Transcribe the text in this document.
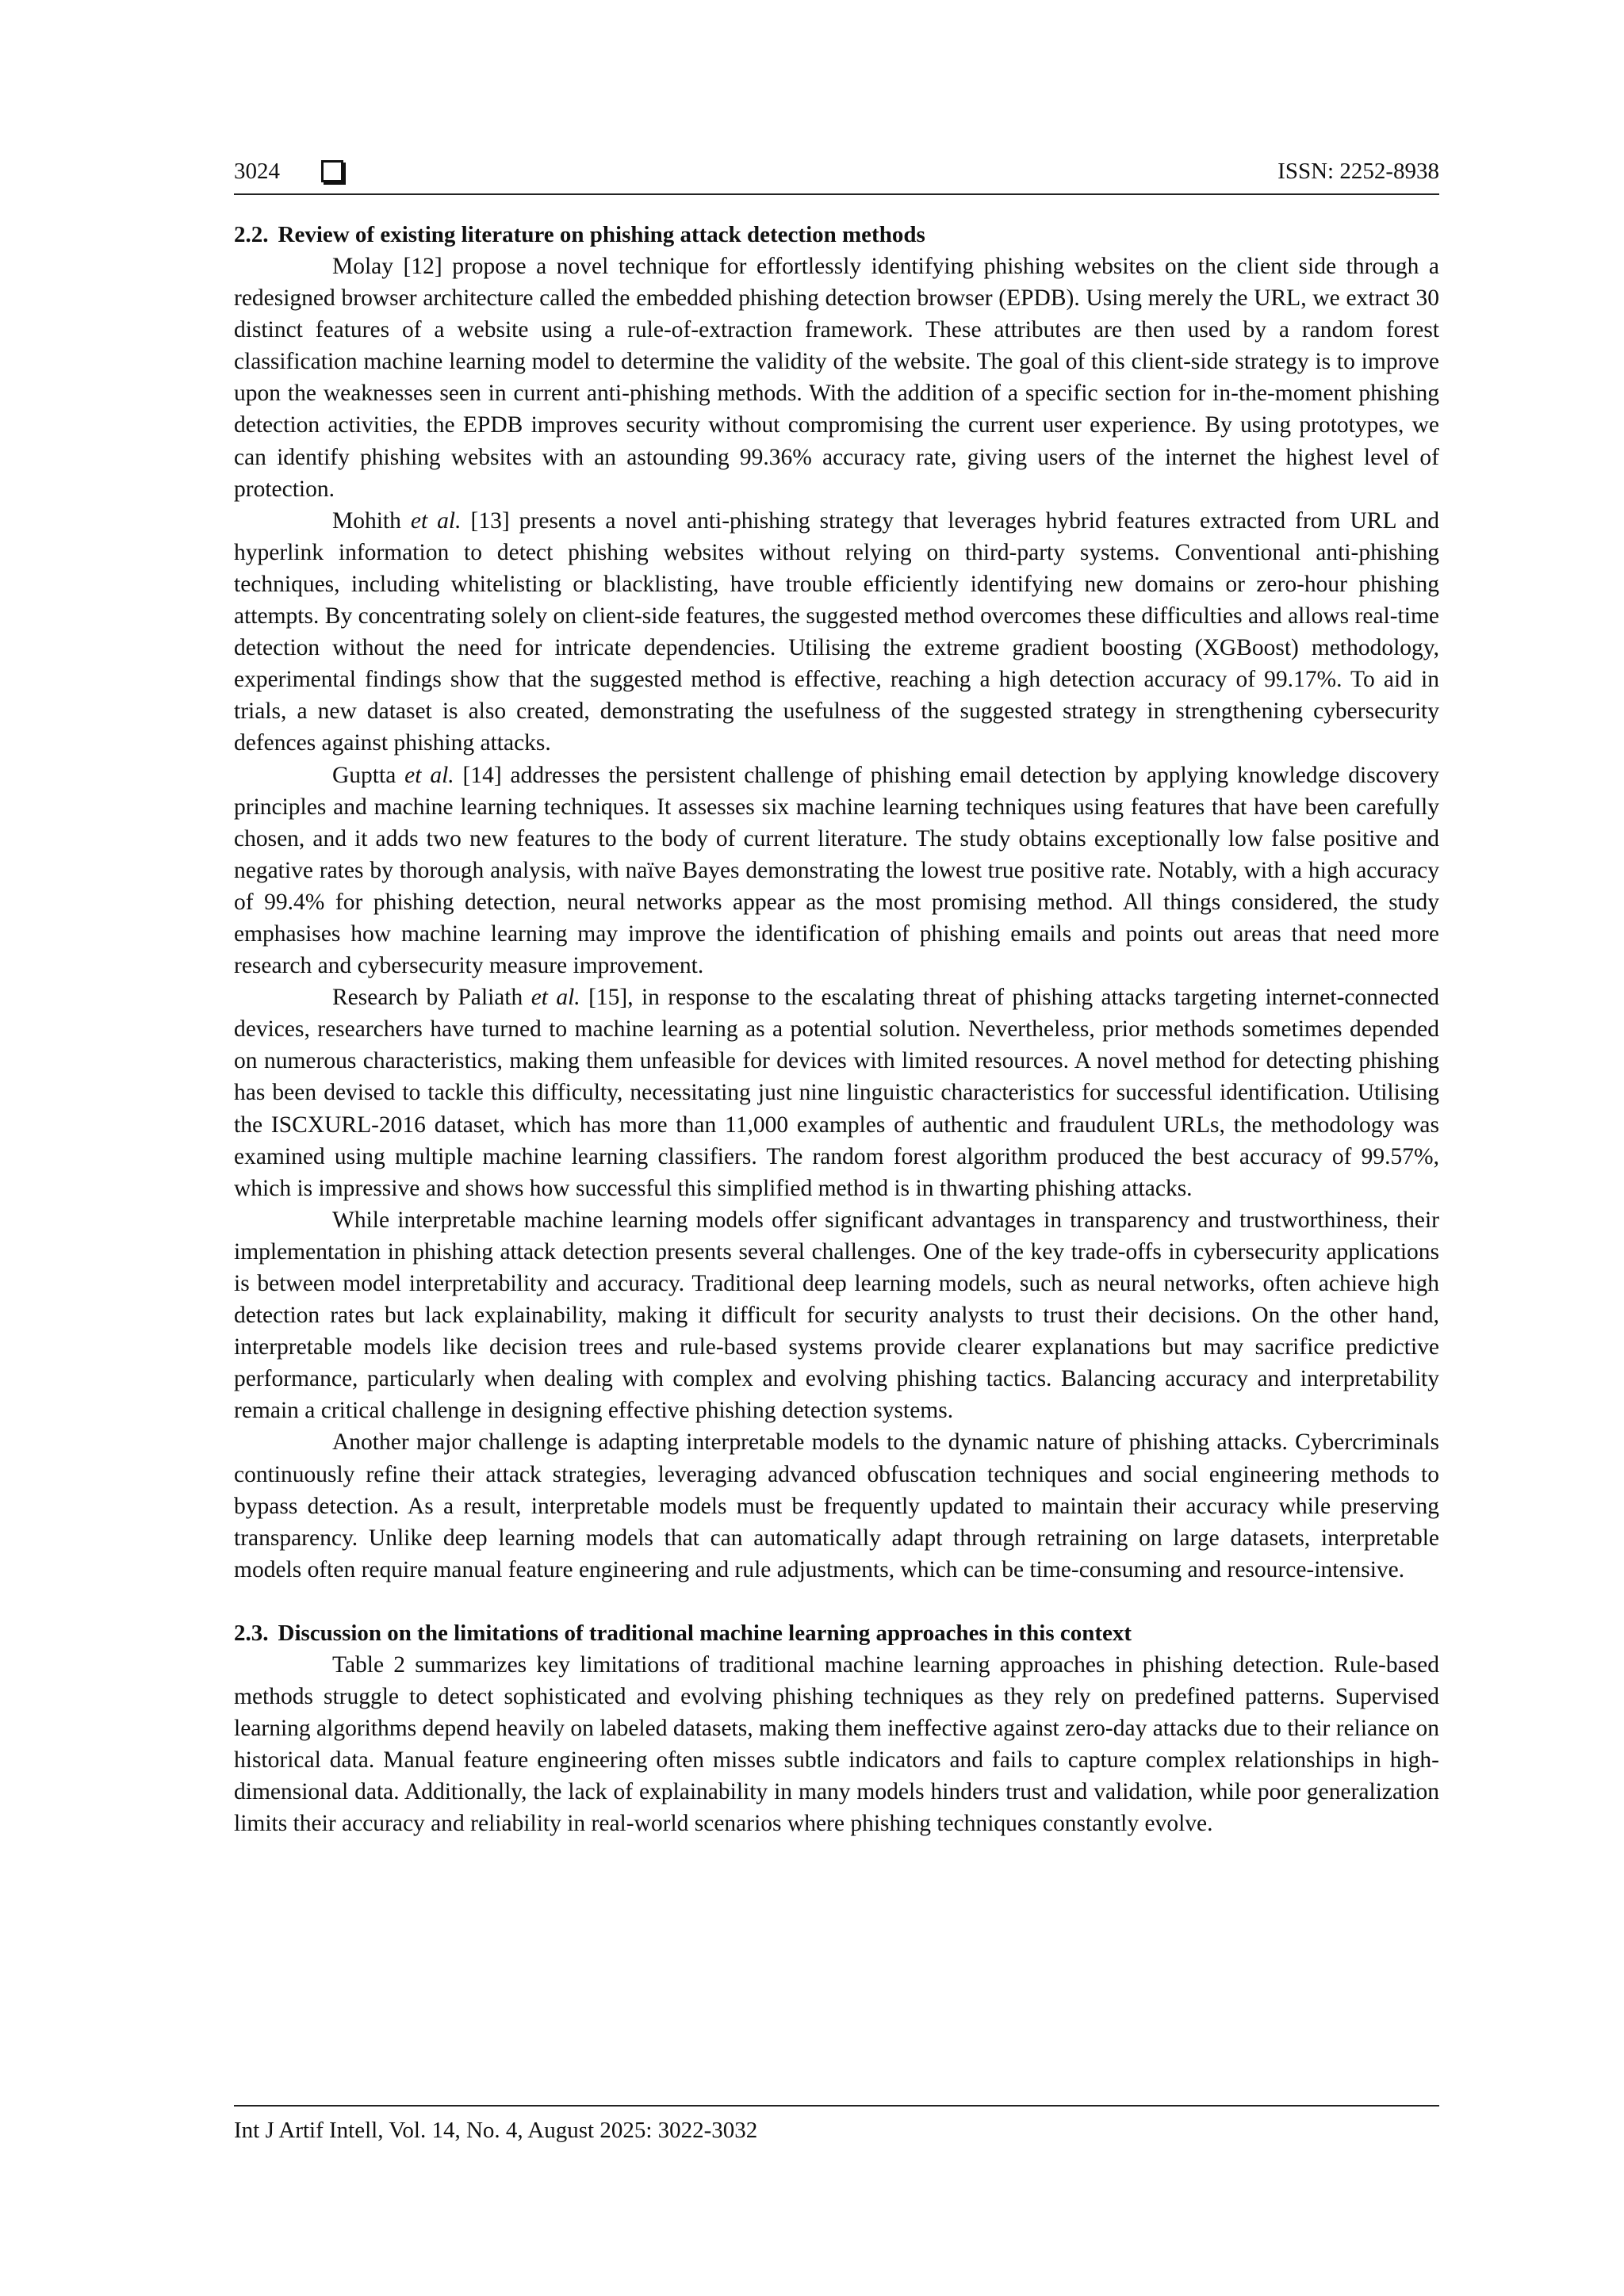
3024	ISSN: 2252-8938
2.2. Review of existing literature on phishing attack detection methods

Molay [12] propose a novel technique for effortlessly identifying phishing websites on the client side through a redesigned browser architecture called the embedded phishing detection browser (EPDB). Using merely the URL, we extract 30 distinct features of a website using a rule-of-extraction framework. These attributes are then used by a random forest classification machine learning model to determine the validity of the website. The goal of this client-side strategy is to improve upon the weaknesses seen in current anti-phishing methods. With the addition of a specific section for in-the-moment phishing detection activities, the EPDB improves security without compromising the current user experience. By using prototypes, we can identify phishing websites with an astounding 99.36% accuracy rate, giving users of the internet the highest level of protection.

Mohith et al. [13] presents a novel anti-phishing strategy that leverages hybrid features extracted from URL and hyperlink information to detect phishing websites without relying on third-party systems. Conventional anti-phishing techniques, including whitelisting or blacklisting, have trouble efficiently identifying new domains or zero-hour phishing attempts. By concentrating solely on client-side features, the suggested method overcomes these difficulties and allows real-time detection without the need for intricate dependencies. Utilising the extreme gradient boosting (XGBoost) methodology, experimental findings show that the suggested method is effective, reaching a high detection accuracy of 99.17%. To aid in trials, a new dataset is also created, demonstrating the usefulness of the suggested strategy in strengthening cybersecurity defences against phishing attacks.

Guptta et al. [14] addresses the persistent challenge of phishing email detection by applying knowledge discovery principles and machine learning techniques. It assesses six machine learning techniques using features that have been carefully chosen, and it adds two new features to the body of current literature. The study obtains exceptionally low false positive and negative rates by thorough analysis, with naïve Bayes demonstrating the lowest true positive rate. Notably, with a high accuracy of 99.4% for phishing detection, neural networks appear as the most promising method. All things considered, the study emphasises how machine learning may improve the identification of phishing emails and points out areas that need more research and cybersecurity measure improvement.

Research by Paliath et al. [15], in response to the escalating threat of phishing attacks targeting internet-connected devices, researchers have turned to machine learning as a potential solution. Nevertheless, prior methods sometimes depended on numerous characteristics, making them unfeasible for devices with limited resources. A novel method for detecting phishing has been devised to tackle this difficulty, necessitating just nine linguistic characteristics for successful identification. Utilising the ISCXURL-2016 dataset, which has more than 11,000 examples of authentic and fraudulent URLs, the methodology was examined using multiple machine learning classifiers. The random forest algorithm produced the best accuracy of 99.57%, which is impressive and shows how successful this simplified method is in thwarting phishing attacks.

While interpretable machine learning models offer significant advantages in transparency and trustworthiness, their implementation in phishing attack detection presents several challenges. One of the key trade-offs in cybersecurity applications is between model interpretability and accuracy. Traditional deep learning models, such as neural networks, often achieve high detection rates but lack explainability, making it difficult for security analysts to trust their decisions. On the other hand, interpretable models like decision trees and rule-based systems provide clearer explanations but may sacrifice predictive performance, particularly when dealing with complex and evolving phishing tactics. Balancing accuracy and interpretability remain a critical challenge in designing effective phishing detection systems.

Another major challenge is adapting interpretable models to the dynamic nature of phishing attacks. Cybercriminals continuously refine their attack strategies, leveraging advanced obfuscation techniques and social engineering methods to bypass detection. As a result, interpretable models must be frequently updated to maintain their accuracy while preserving transparency. Unlike deep learning models that can automatically adapt through retraining on large datasets, interpretable models often require manual feature engineering and rule adjustments, which can be time-consuming and resource-intensive.

2.3. Discussion on the limitations of traditional machine learning approaches in this context

Table 2 summarizes key limitations of traditional machine learning approaches in phishing detection. Rule-based methods struggle to detect sophisticated and evolving phishing techniques as they rely on predefined patterns. Supervised learning algorithms depend heavily on labeled datasets, making them ineffective against zero-day attacks due to their reliance on historical data. Manual feature engineering often misses subtle indicators and fails to capture complex relationships in high-dimensional data. Additionally, the lack of explainability in many models hinders trust and validation, while poor generalization limits their accuracy and reliability in real-world scenarios where phishing techniques constantly evolve.

Int J Artif Intell, Vol. 14, No. 4, August 2025: 3022-3032
